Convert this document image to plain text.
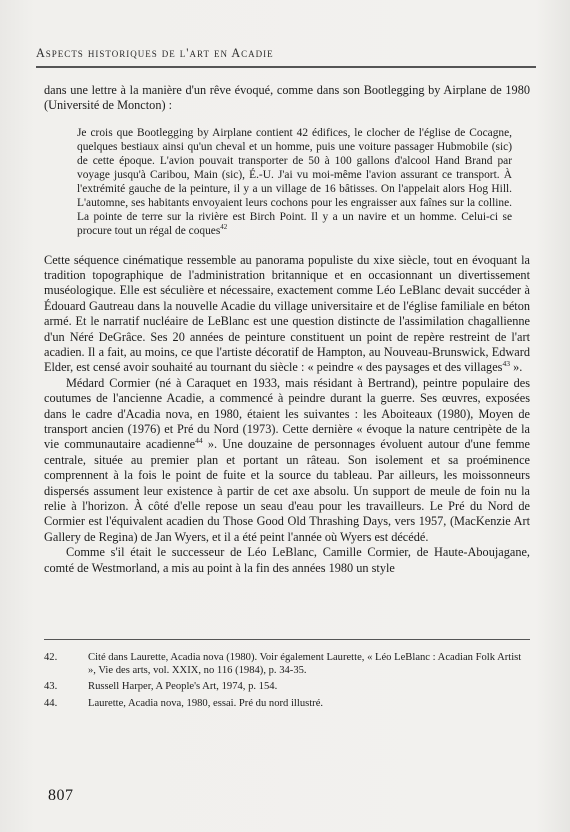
Aspects historiques de l'art en Acadie

dans une lettre à la manière d'un rêve évoqué, comme dans son Bootlegging by Airplane de 1980 (Université de Moncton) :

Je crois que Bootlegging by Airplane contient 42 édifices, le clocher de l'église de Cocagne, quelques bestiaux ainsi qu'un cheval et un homme, puis une voiture passager Hubmobile (sic) de cette époque. L'avion pouvait transporter de 50 à 100 gallons d'alcool Hand Brand par voyage jusqu'à Caribou, Main (sic), É.-U. J'ai vu moi-même l'avion assurant ce transport. À l'extrémité gauche de la peinture, il y a un village de 16 bâtisses. On l'appelait alors Hog Hill. L'automne, ses habitants envoyaient leurs cochons pour les engraisser aux faînes sur la colline. La pointe de terre sur la rivière est Birch Point. Il y a un navire et un homme. Celui-ci se procure tout un régal de coques$^{42}$

Cette séquence cinématique ressemble au panorama populiste du xixe siècle, tout en évoquant la tradition topographique de l'administration britannique et en occasionnant un divertissement muséologique. Elle est séculière et nécessaire, exactement comme Léo LeBlanc devait succéder à Édouard Gautreau dans la nouvelle Acadie du village universitaire et de l'église familiale en béton armé. Et le narratif nucléaire de LeBlanc est une question distincte de l'assimilation chagallienne d'un Néré DeGrâce. Ses 20 années de peinture constituent un point de repère restreint de l'art acadien. Il a fait, au moins, ce que l'artiste décoratif de Hampton, au Nouveau-Brunswick, Edward Elder, est censé avoir souhaité au tournant du siècle : « peindre « des paysages et des villages$^{43}$ ».

Médard Cormier (né à Caraquet en 1933, mais résidant à Bertrand), peintre populaire des coutumes de l'ancienne Acadie, a commencé à peindre durant la guerre. Ses œuvres, exposées dans le cadre d'Acadia nova, en 1980, étaient les suivantes : les Aboiteaux (1980), Moyen de transport ancien (1976) et Pré du Nord (1973). Cette dernière « évoque la nature centripète de la vie communautaire acadienne$^{44}$ ». Une douzaine de personnages évoluent autour d'une femme centrale, située au premier plan et portant un râteau. Son isolement et sa proéminence comprennent à la fois le point de fuite et la source du tableau. Par ailleurs, les moissonneurs dispersés assument leur existence à partir de cet axe absolu. Un support de meule de foin nu la relie à l'horizon. À côté d'elle repose un seau d'eau pour les travailleurs. Le Pré du Nord de Cormier est l'équivalent acadien du Those Good Old Thrashing Days, vers 1957, (MacKenzie Art Gallery de Regina) de Jan Wyers, et il a été peint l'année où Wyers est décédé.

Comme s'il était le successeur de Léo LeBlanc, Camille Cormier, de Haute-Aboujagane, comté de Westmorland, a mis au point à la fin des années 1980 un style

42.	Cité dans Laurette, Acadia nova (1980). Voir également Laurette, « Léo LeBlanc : Acadian Folk Artist », Vie des arts, vol. XXIX, no 116 (1984), p. 34-35.
43.	Russell Harper, A People's Art, 1974, p. 154.
44.	Laurette, Acadia nova, 1980, essai. Pré du nord illustré.
807
